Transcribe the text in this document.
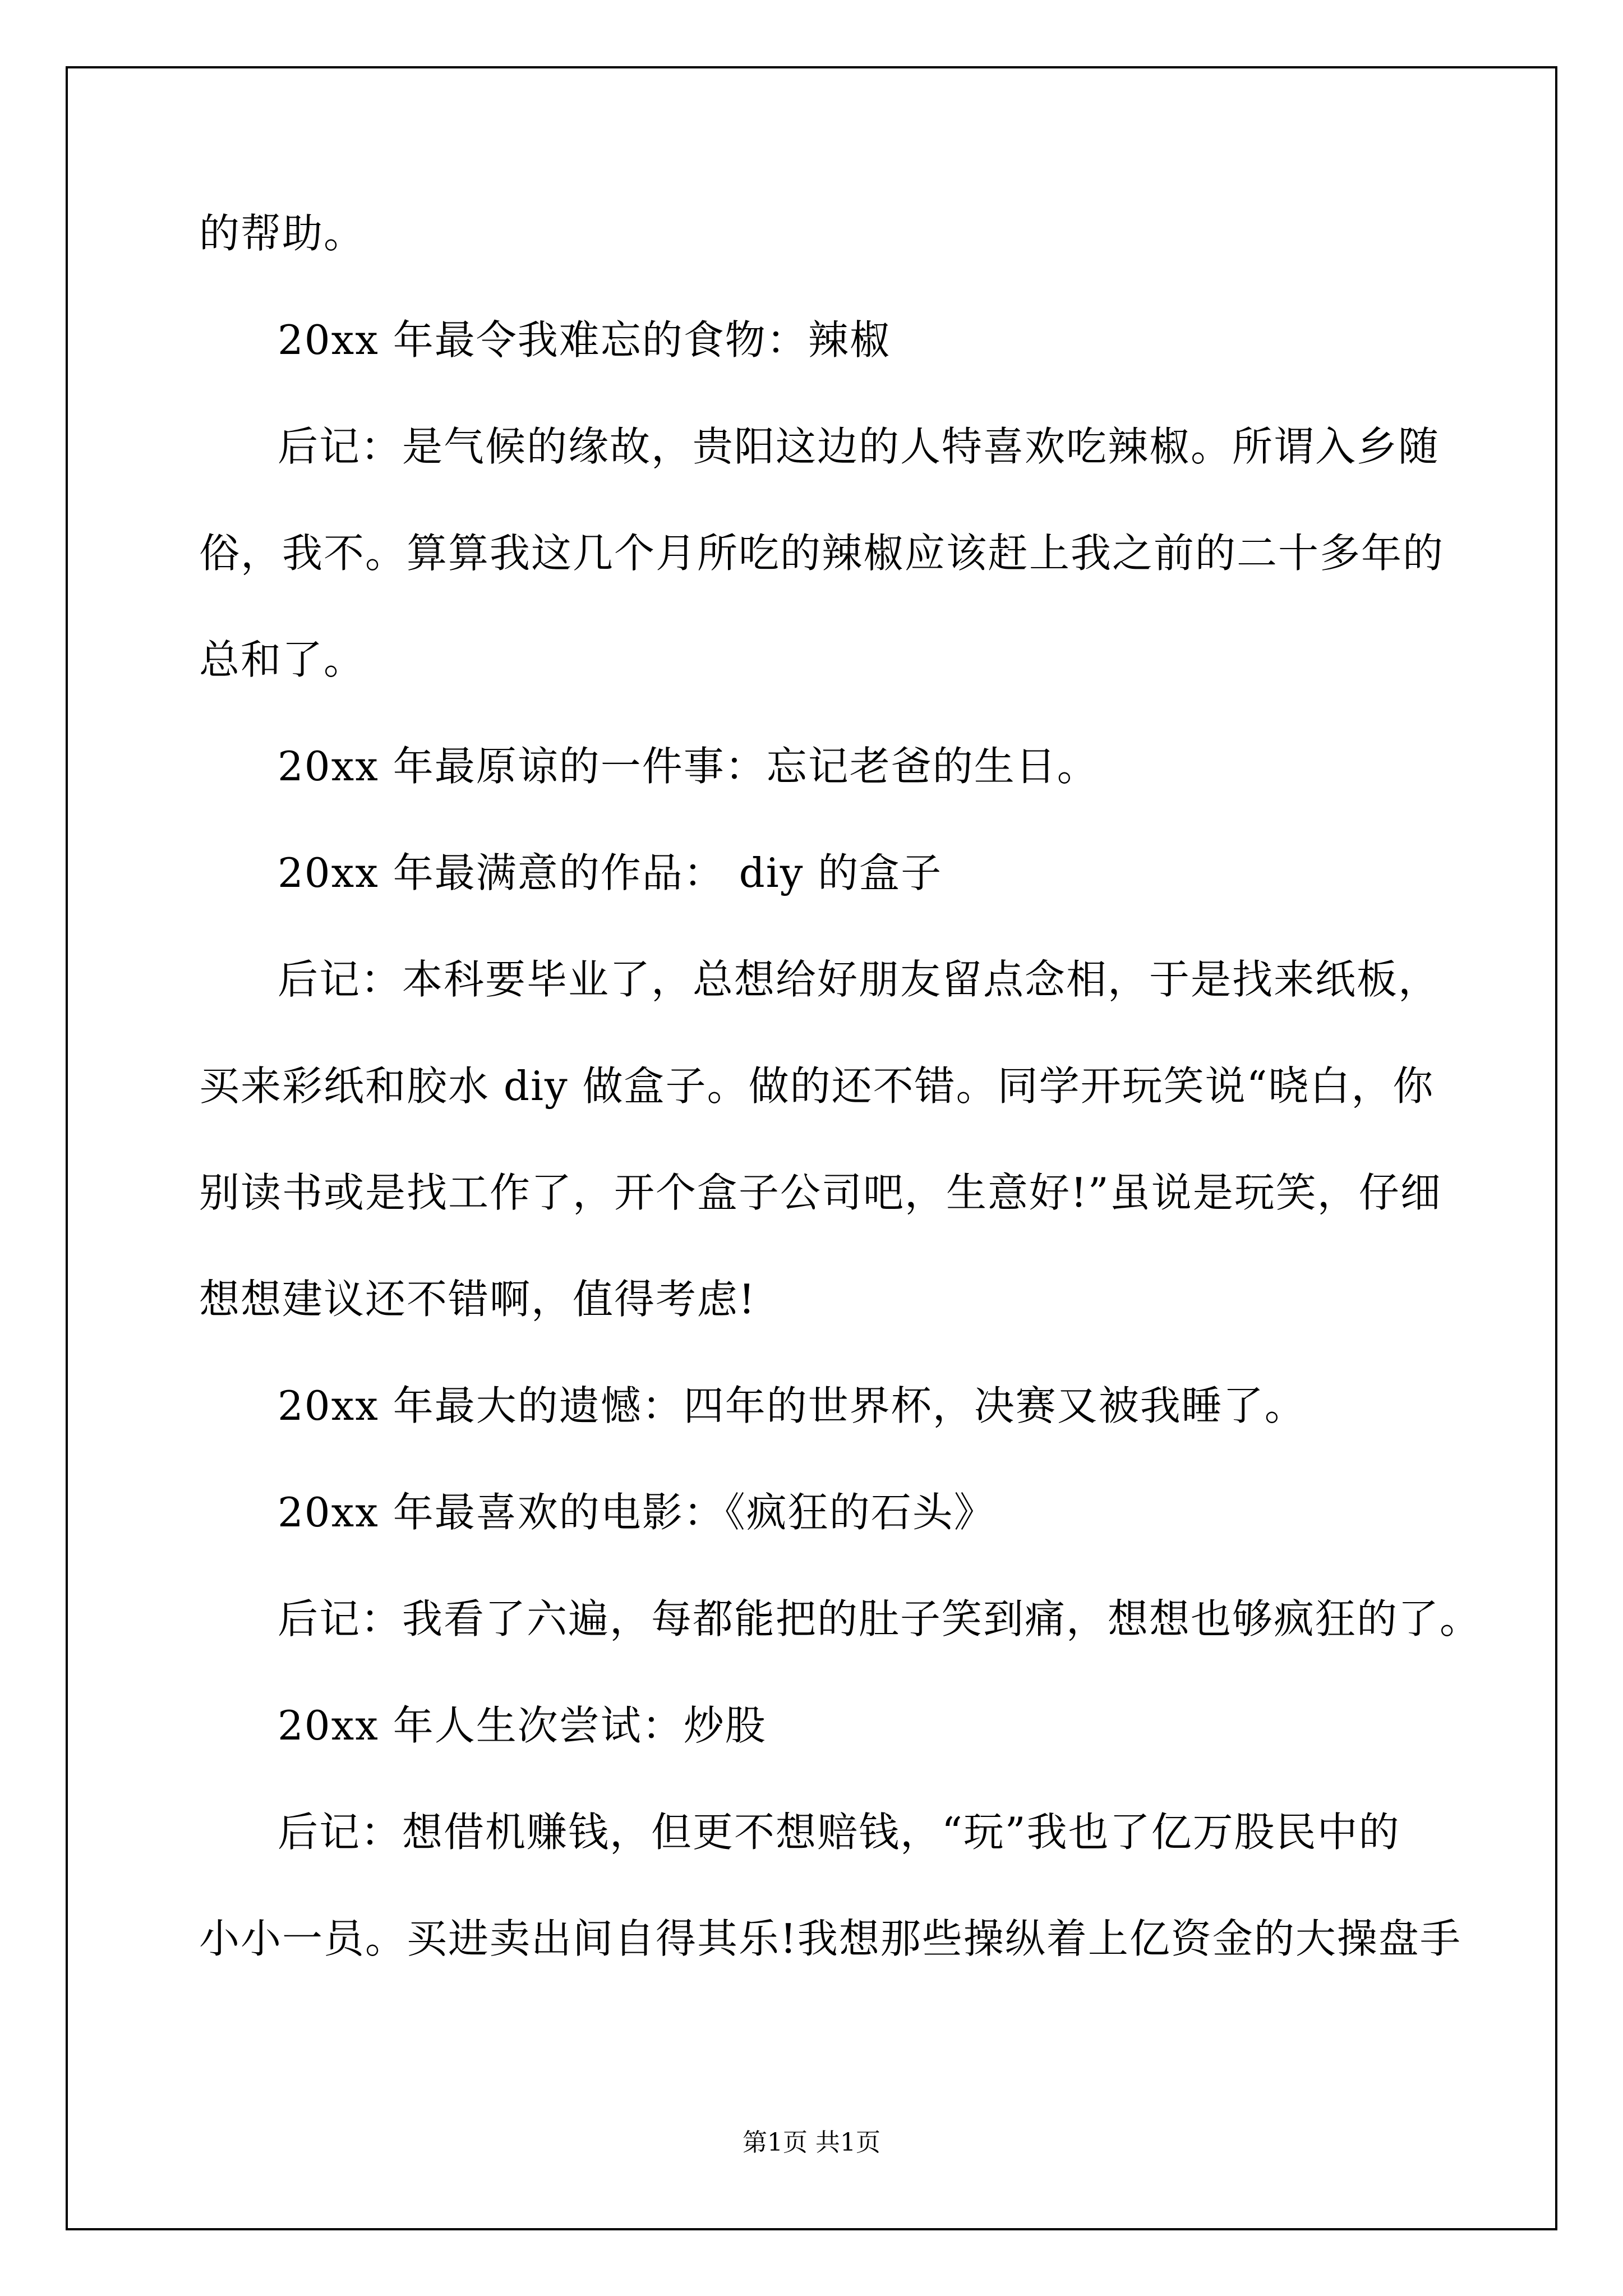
的帮助。
20xx 年最令我难忘的食物：辣椒
后记：是气候的缘故，贵阳这边的人特喜欢吃辣椒。所谓入乡随
俗，我不。算算我这几个月所吃的辣椒应该赶上我之前的二十多年的
总和了。
20xx 年最原谅的一件事：忘记老爸的生日。
20xx 年最满意的作品： diy 的盒子
后记：本科要毕业了，总想给好朋友留点念相，于是找来纸板，
买来彩纸和胶水 diy 做盒子。做的还不错。同学开玩笑说“晓白，你
别读书或是找工作了，开个盒子公司吧，生意好!”虽说是玩笑，仔细
想想建议还不错啊，值得考虑!
20xx 年最大的遗憾：四年的世界杯，决赛又被我睡了。
20xx 年最喜欢的电影：《疯狂的石头》
后记：我看了六遍，每都能把的肚子笑到痛，想想也够疯狂的了。
20xx 年人生次尝试：炒股
后记：想借机赚钱，但更不想赔钱，“玩”我也了亿万股民中的
小小一员。买进卖出间自得其乐!我想那些操纵着上亿资金的大操盘手
第1页 共1页
